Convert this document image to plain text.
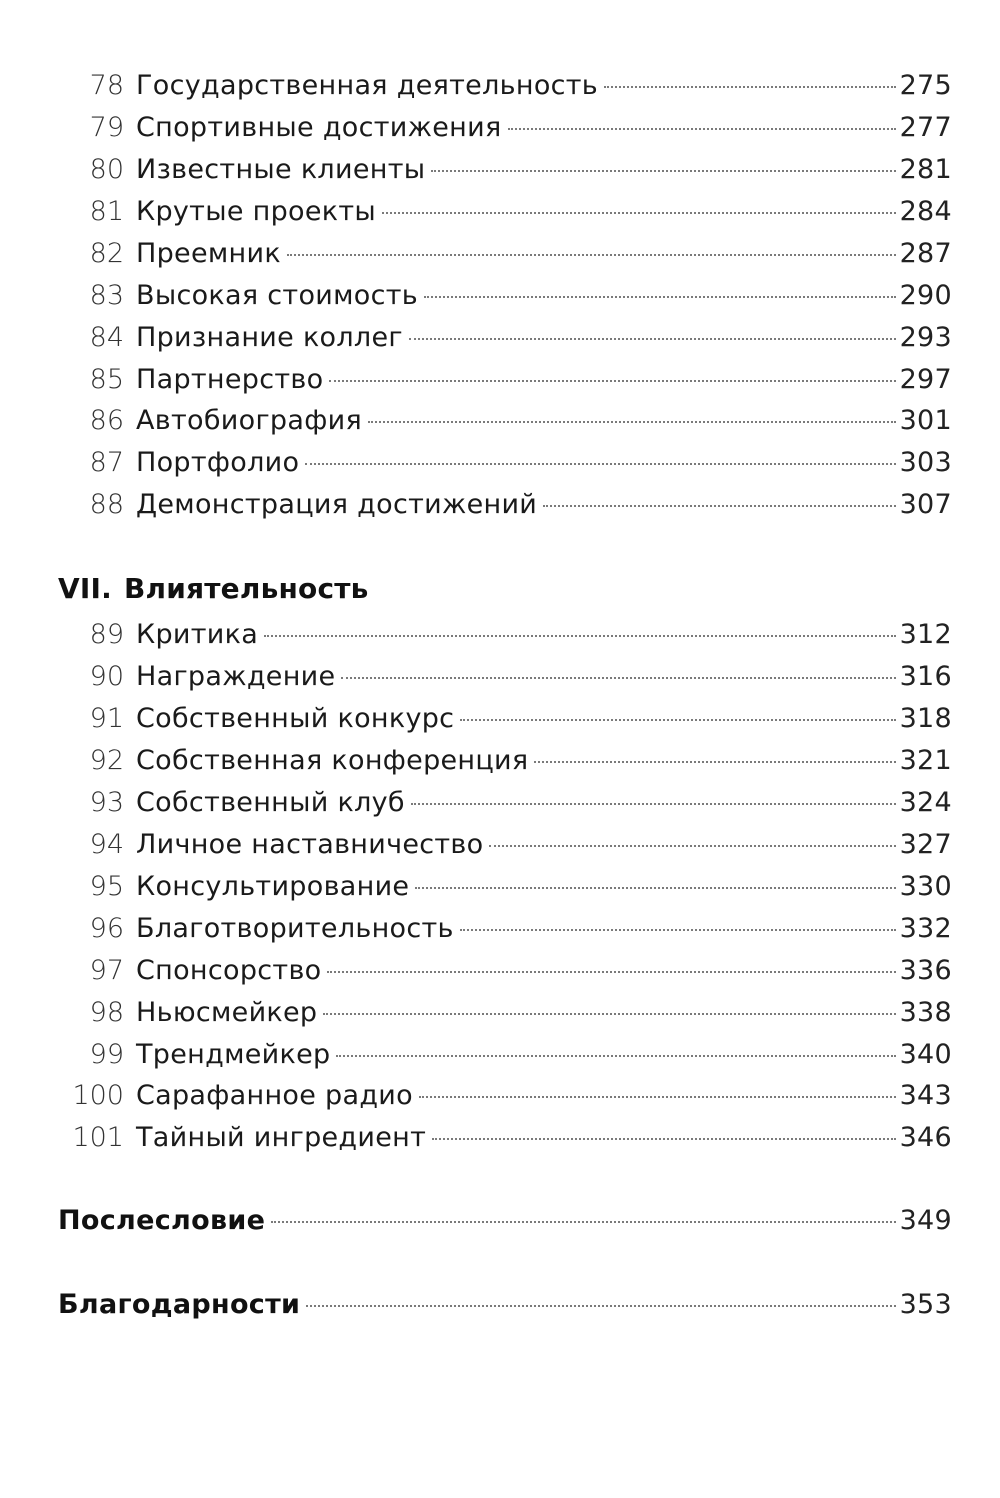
78 Государственная деятельность	275
79 Спортивные достижения	277
80 Известные клиенты	281
81 Крутые проекты	284
82 Преемник	287
83 Высокая стоимость	290
84 Признание коллег	293
85 Партнерство	297
86 Автобиография	301
87 Портфолио	303
88 Демонстрация достижений	307
VII. Влиятельность
89 Критика	312
90 Награждение	316
91 Собственный конкурс	318
92 Собственная конференция	321
93 Собственный клуб	324
94 Личное наставничество	327
95 Консультирование	330
96 Благотворительность	332
97 Спонсорство	336
98 Ньюсмейкер	338
99 Трендмейкер	340
100 Сарафанное радио	343
101 Тайный ингредиент	346
Послесловие	349
Благодарности	353
